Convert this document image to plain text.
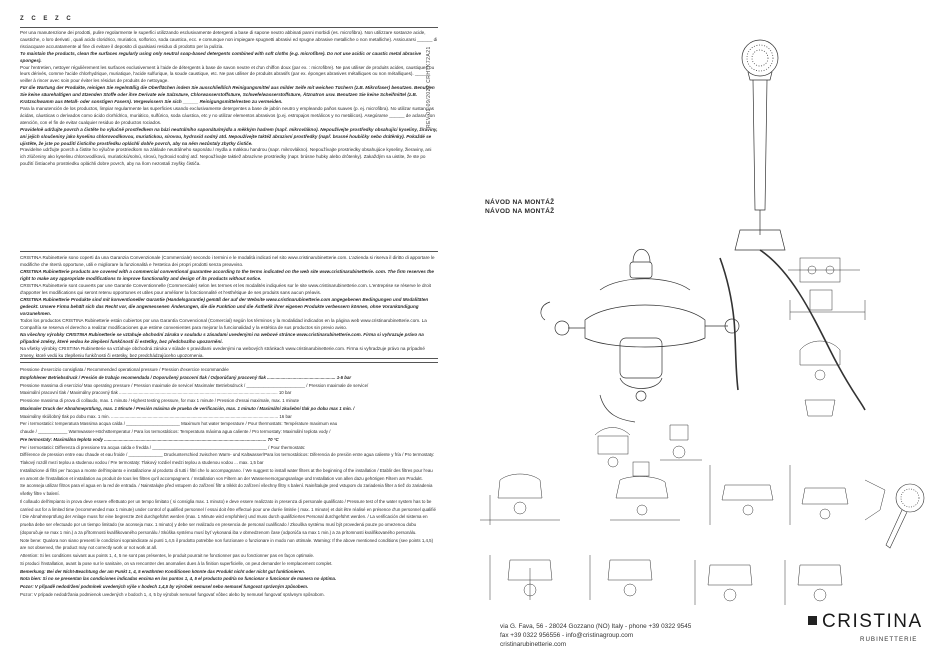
Z C E Z C

Per una manutenzione dei prodotti, pulire regolarmente le superfici utilizzando esclusivamente detergenti a base di sapone neutro abbinati panni morbidi (es. microfibra). Non utilizzare sostanze acide, caustiche, o loro derivati , quali acido cloridrico, muriatico, solforico, soda caustica, ecc. e comunque non impiegare spugnetti abrasivi ed spugne abrasive metalliche o non metalliche). Assicurarsi ______ di risciacquare accuratamente al fine di evitare il deposito di qualsiasi residuo di prodotto per la pulizia.

To maintain the products, clean the surfaces regularly using only neutral soap-based detergents combined with soft cloths (e.g. microfibre). Do not use acidic or caustic metal abrasive sponges).

Pour l'entretien, nettoyer régulièrement les surfaces exclusivement à l'aide de détergents à base de savon neutre et d'un chiffon doux (par ex. : microfibre). Ne pas utiliser de produits acides, caustiques ou leurs dérivés, comme l'acide chlorhydrique, muriatique, l'acide sulfurique, la soude caustique, etc. Ne pas utiliser de produits abrasifs (par ex. éponges abrasives métalliques ou non métalliques). ______ veiller à rincer avec soin pour éviter les résidus de produits de nettoyage.

Für die Wartung der Produkte, reinigen Sie regelmäßig die Oberflächen indem Sie ausschließlich Reinigungsmittel aus milder Seife mit weichen Tüchern (z.B. Mikrofaser) benutzen. Benutzen Sie keine säurehaltigen und ätzenden Stoffe oder ihre Derivate wie Salzsäure, Chlorwasserstoffsäure, Schwefelwasserstoffsäure, Ätznatron usw. Benutzen Sie keine Scheifmittel (z.B. Kratzschwamm aus Metall- oder sonstigen Fasern). Vergewissern Sie sich ______ Reinigungsmittelresten zu vermeiden.

Para la manutención de los productos, limpiar regularmente las superficies usando exclusivamente detergentes a base de jabón neutro y empleando paños suaves (p. ej. microfibra). No utilizar sustancias ácidas, cáusticas o derivados como ácido clorhídrico, muriático, sulfúrico, soda cáustica, etc y no utilizar elementos abrasivos (p.ej. estropajos metálicos y no metálicos). Asegúrarse ______ de aclarar con atención, con el fin de evitar cualquier residuo de productos rociados.

Pravidelně udržujte povrch a čistěte ho výlučně prostředkem na bázi neutrálního saponátu/mýdla a měkkým hadrem (např. mikrovlákno). Nepoužívejte prostředky obsahující kyseliny, žíraviny, ani jejich sloučeniny jako kyselinu chlorovodíkovou, muriatickou, sírovou, hydroxid sodný atd. Nepoužívejte taktéž abrazivní prostředky (např. brusné houbičky nebo drátěnky). Pokaždé se ujistěte, že jste po použití čisticího prostředku opláchli dobře povrch, aby na něm nezůstaly zbytky čističe.

Pravidelne udržujte povrch a čistite ho výlučne prostriedkom na základe neutrálneho saponátu / mydla a mäkkou handrou (napr. mikrovlákno). Nepoužívajte prostriedky obsahujúce kyseliny, žieraviny, ani ich zlúčeniny ako kyselinu chlorovodíkovú, muriatickú/solnú, sírovú, hydroxid sodný atď. Nepoužívajte taktiež abrazívne prostriedky (napr. brúsne hubky alebo drôtenky). Zakaždým sa uistite, že ste po použití čistiaceho prostriedku opláchli dobre povrch, aby na ňom nezostali zvyšky čističa.

CRISTINA Rubinetterie sono coperti da una Garanzia Convenzionale (Commerciale) secondo i termini e le modalità indicati nel sito www.cristinarubinetterie.com. L'azienda si riserva il diritto di apportare le modifiche che riterrà opportune, utili e migliorare la funzionalità e l'estetica dei propri prodotti senza preavviso.

CRISTINA Rubinetterie products are covered with a commercial conventional guarantee according to the terms indicated on the web site www.cristinarubinetterie. com. The firm reserves the right to make any appropriate modifications to improve functionality and design of its products without notice.

CRISTINA Rubinetterie sont couverts par une Garantie Conventionnelle (Commerciale) selon les termes et les modalités indiquées sur le site www.cristinarubinetterie.com. L'entreprise se réserve le droit d'apporter les modifications qui seront retenu opportunes et utiles pour améliorer la fonctionnalité et l'esthétique de ses produits sans aucun préavis.

CRISTINA Rubinetterie Produkte sind mit konventioneller Garantie (Handelsgarantie) gemäß der auf der Website www.cristinarubinetterie.com angegebenen Bedingungen und Modalitäten gedeckt. Unsere Firma behält sich das Recht vor, die angemessenen Änderungen, die die Funktion und die Ästhetik ihrer eigenen Produkte verbessern können, ohne Vorankündigung vorzunehmen.

Todos los productos CRISTINA Rubinetterie están cubiertos por una Garantía Convencional (Comercial) según los términos y la modalidad indicados en la página web www.cristinarubinetterie.com. La Compañía se reserva el derecho a realizar modificaciones que estime convenientes para mejorar la funcionalidad y la estética de sus productos sin previo aviso.

Na všechny výrobky CRISTINA Rubinetterie se vztahuje obchodní záruka v souladu s zásadami uvedenými na webové stránce www.cristinarubinetterie.com. Firma si vyhrazuje právo na případné změny, které vedou ke zlepšení funkčnosti či estetiky, bez předchozího upozornění.

Na všetky výrobky CRISTINA Rubinetterie sa vzťahuje obchodná záruka v súlade s pravidlami uvedenými na webových stránkach www.cristinarubinetterie.com. Firma si vyhradzuje právo na prípadné zmeny, ktoré vedú ku zlepšeniu funkčnosti či estetiky, bez predchádzajúceho upozornenia.

Pressione d'esercizio consigliata / Recommended operational pressure / Pression d'exercice recommandée

Empfohlener Betriebsdruck / Presión de trabajo recomendada / Doporučený pracovní tlak / Odporúčaný pracovný tlak ........................................................ 1-5 bar

Pressione massima di esercizio/ Max operating pressure / Pression maximale de service/ Maximaler Betriebsdruck / ________________________ / Pression maximale de service/

Maximální pracovní tlak / Maximálny pracovný tlak .................................................................................................................................. 10 bar

Pressione massima di prova di collaudo, max. 1 minuto / Highest testing pressure, for max 1 minute / Pression d'essai maximale, max. 1 minute

Maximaler Druck der Abnahmeprüfung, max. 1 Minute / Presión máxima de prueba de verificación, max. 1 minuto / Maximální zkušební tlak po dobu max 1 min. /

Maximálny skúšobný tlak po dobu max. 1 min. ......................................................................................................................................... 16 bar

Per i termostatici: temperatura Massima acqua calda / ______________________ Maximum hot water temperature / Pour thermostats: Température maximum eau

chaude / ____________ Warmwasser-Höchsttemperatur / Para los termostáticos: Temperatura máxima agua caliente / Pro termostaty: Maximální teplota vody /

Pre termostaty: Maximálna teplota vody ..................................................................................................................................... 70 °C

Per i termostatici: Differenza di pressione tra acqua calda e fredda / _______________________________________________ / Pour thermostats:

Différence de pression entre eau chaude et eau froide / ______________ Druckunterschied zwischen Warm- und Kaltwasser/Para los termostáticos: Diferencia de presión entre agua caliente y fría / Pro termostaty: Tlakový rozdíl mezi teplou a studenou vodou / Pre termostaty: Tlakový rozdiel medzi teplou a studenou vodou ... max. 1,5 bar

Installazione di filtri per l'acqua a monte dell'impianto e installazione al prodotto di tutti i filtri che lo accompagnano. / We suggest to install water filters at the beginning of the installation / Etablir des filtres pour l'eau en amont de l'installation et installation au produit de tous les filtres qu'il accompagnent. / Installation von Filtern an der Wasserversorgungsanlage und Installation von allen dazu gehörigen Filtern am Produkt.

Se aconseja utilizar filtros para el agua en la red de entrada. / Nainstalujte před vstupem do zařízení filtr a trikkit do zařízení všechny filtry s balení. Nainštalujte pred vstupom do zariadenia filter a tiež do zariadenia všetky filtre v balení.

Il collaudo dell'impianto in prova deve essere effettuato per un tempo limitato ( si consiglia max. 1 minuto) e deve essere realizzato in presenza di personale qualificato / Pressure test of the water system has to be carried out for a limited time (recommended max 1 minute) under control of qualified personnel / essai doit être effectué pour une durée limitée ( max. 1 minute) et doit être réalisé en présence d'un personnel qualifié / Die Abnahmeprüfung der Anlage muss für eine begrenzte Zeit durchgeführt werden (max. 1 Minute wird empfohlen) und muss durch qualifiziertes Personal durchgeführt werden. / La verificación del sistema en prueba debe ser efectuado por un tiempo limitado (se aconseja max. 1 minuto) y debe ser realizado en presencia de personal cualificado / Zkouška systému musí být provedená pouze po omezenou dobu (doporučuje se max 1 min.) a za přítomnosti kvalifikovaného personálu / Skúška systému musí byť vykonaná iba v obmedzenom čase (odporúča sa max 1 min.) a za prítomnosti kvalifikovaného personálu.

Note bene: Qualora non siano presenti le condizioni sopraindicate ai punti 1,4,5 il prodotto potrebbe non funzionare o funzionare in modo non ottimale. Warning: If the above mentioned conditions (see points 1,4,5) are not observed, the product may not correctly work or not work at all.

Attention: Si les conditions suivant aux points 1, 4, 5 ne sont pas présentes, le produit pourrait ne fonctionner pas ou fonctionner pas en façon optimale.

Si produci l'installation, avant la pose sur le sanitaire, on va rencontrer des anomalies dues à la finition superficielle, on peut demander le remplacement complet.

Bemerkung: Bei der Nicht-Beachtung der am Punkt 1, 4, 5 erwähnten Konditionen könnte das Produkt nicht oder nicht gut funktionieren.

Nota bien: Si no se presentan las condiciones indicadas encima en los puntos 1, 4, 5 el producto podría no funcionar o funcionar de manera no óptima.

Pozor: V případě nedodržení podmínek uvedených výše v bodech 1,4,5 by výrobek nemusel nebo nemusel fungovat správným způsobem.

Pozor: V prípade nedodržania podmienok uvedených v bodoch 1, 4, 5 by výrobok nemusel fungovať vôbec alebo by nemusel fungovať správnym spôsobom.

REV.01 09/2022 CRHTK72A21
NÁVOD NA MONTÁŽ
NÁVOD NA MONTÁŽ
via G. Fava, 56 - 28024 Gozzano (NO) Italy - phone +39 0322 9545
fax +39 0322 956556 - info@cristinagroup.com
cristinarubinetterie.com
CRISTINA
RUBINETTERIE
